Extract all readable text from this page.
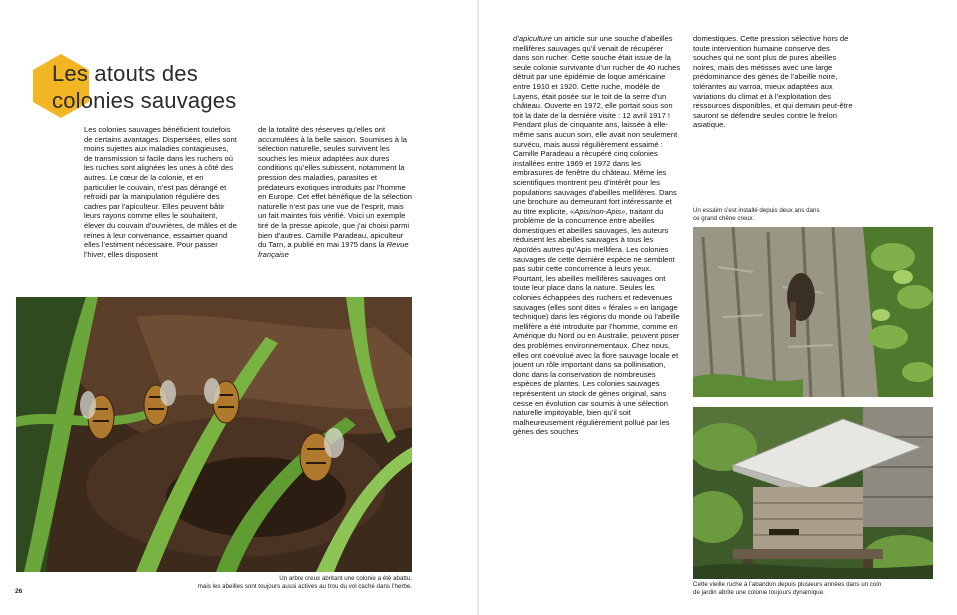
Les atouts des
colonies sauvages

Les colonies sauvages bénéficient toutefois de certains avantages. Dispersées, elles sont moins sujettes aux maladies contagieuses, de transmission si facile dans les ruchers où les ruches sont alignées les unes à côté des autres. Le cœur de la colonie, et en particulier le couvain, n’est pas dérangé et refroidi par la manipulation régulière des cadres par l’apiculteur. Elles peuvent bâtir leurs rayons comme elles le souhaitent, élever du couvain d’ouvrières, de mâles et de reines à leur convenance, essaimer quand elles l’estiment nécessaire. Pour passer l’hiver, elles disposent

de la totalité des réserves qu’elles ont accumulées à la belle saison. Soumises à la sélection naturelle, seules survivent les souches les mieux adaptées aux dures conditions qu’elles subissent, notamment la pression des maladies, parasites et prédateurs exotiques introduits par l’homme en Europe. Cet effet bénéfique de la sélection naturelle n’est pas une vue de l’esprit, mais un fait maintes fois vérifié. Voici un exemple tiré de la presse apicole, que j’ai choisi parmi bien d’autres. Camille Paradeau, apiculteur du Tarn, a publié en mai 1975 dans la Revue française

Un arbre creux abritant une colonie a été abattu,
mais les abeilles sont toujours aussi actives au trou du vol caché dans l’herbe.

26

d’apiculture un article sur une souche d’abeilles mellifères sauvages qu’il venait de récupérer dans son rucher. Cette souche était issue de la seule colonie survivante d’un rucher de 40 ruches détruit par une épidémie de loque américaine entre 1910 et 1920. Cette ruche, modèle de Layens, était posée sur le toit de la serre d’un château. Ouverte en 1972, elle portait sous son toit la date de la dernière visite : 12 avril 1917 ! Pendant plus de cinquante ans, laissée à elle-même sans aucun soin, elle avait non seulement survécu, mais aussi régulièrement essaimé : Camille Paradeau a récupéré cinq colonies installées entre 1969 et 1972 dans les embrasures de fenêtre du château. Même les scientifiques montrent peu d’intérêt pour les populations sauvages d’abeilles mellifères. Dans une brochure au demeurant fort intéressante et au titre explicite, «Apis/non-Apis», traitant du problème de la concurrence entre abeilles domestiques et abeilles sauvages, les auteurs réduisent les abeilles sauvages à tous les Apoïdés autres qu’Apis mellifera. Les colonies sauvages de cette dernière espèce ne semblent pas subir cette concurrence à leurs yeux. Pourtant, les abeilles mellifères sauvages ont toute leur place dans la nature. Seules les colonies échappées des ruchers et redevenues sauvages (elles sont dites « férales » en langage technique) dans les régions du monde où l’abeille mellifère a été introduite par l’homme, comme en Amérique du Nord ou en Australie, peuvent poser des problèmes environnementaux. Chez nous, elles ont coévolué avec la flore sauvage locale et jouent un rôle important dans sa pollinisation, donc dans la conservation de nombreuses espèces de plantes. Les colonies sauvages représentent un stock de gènes original, sans cesse en évolution car soumis à une sélection naturelle impitoyable, bien qu’il soit malheureusement régulièrement pollué par les gènes des souches

domestiques. Cette pression sélective hors de toute intervention humaine conserve des souches qui ne sont plus de pures abeilles noires, mais des métisses avec une large prédominance des gènes de l’abeille noire, tolérantes au varroa, mieux adaptées aux variations du climat et à l’exploitation des ressources disponibles, et qui demain peut-être sauront se défendre seules contre le frelon asiatique.

Un essaim s’est installé depuis deux ans dans
ce grand chêne creux.

Cette vieille ruche à l’abandon depuis plusieurs années dans un coin
de jardin abrite une colonie toujours dynamique.
